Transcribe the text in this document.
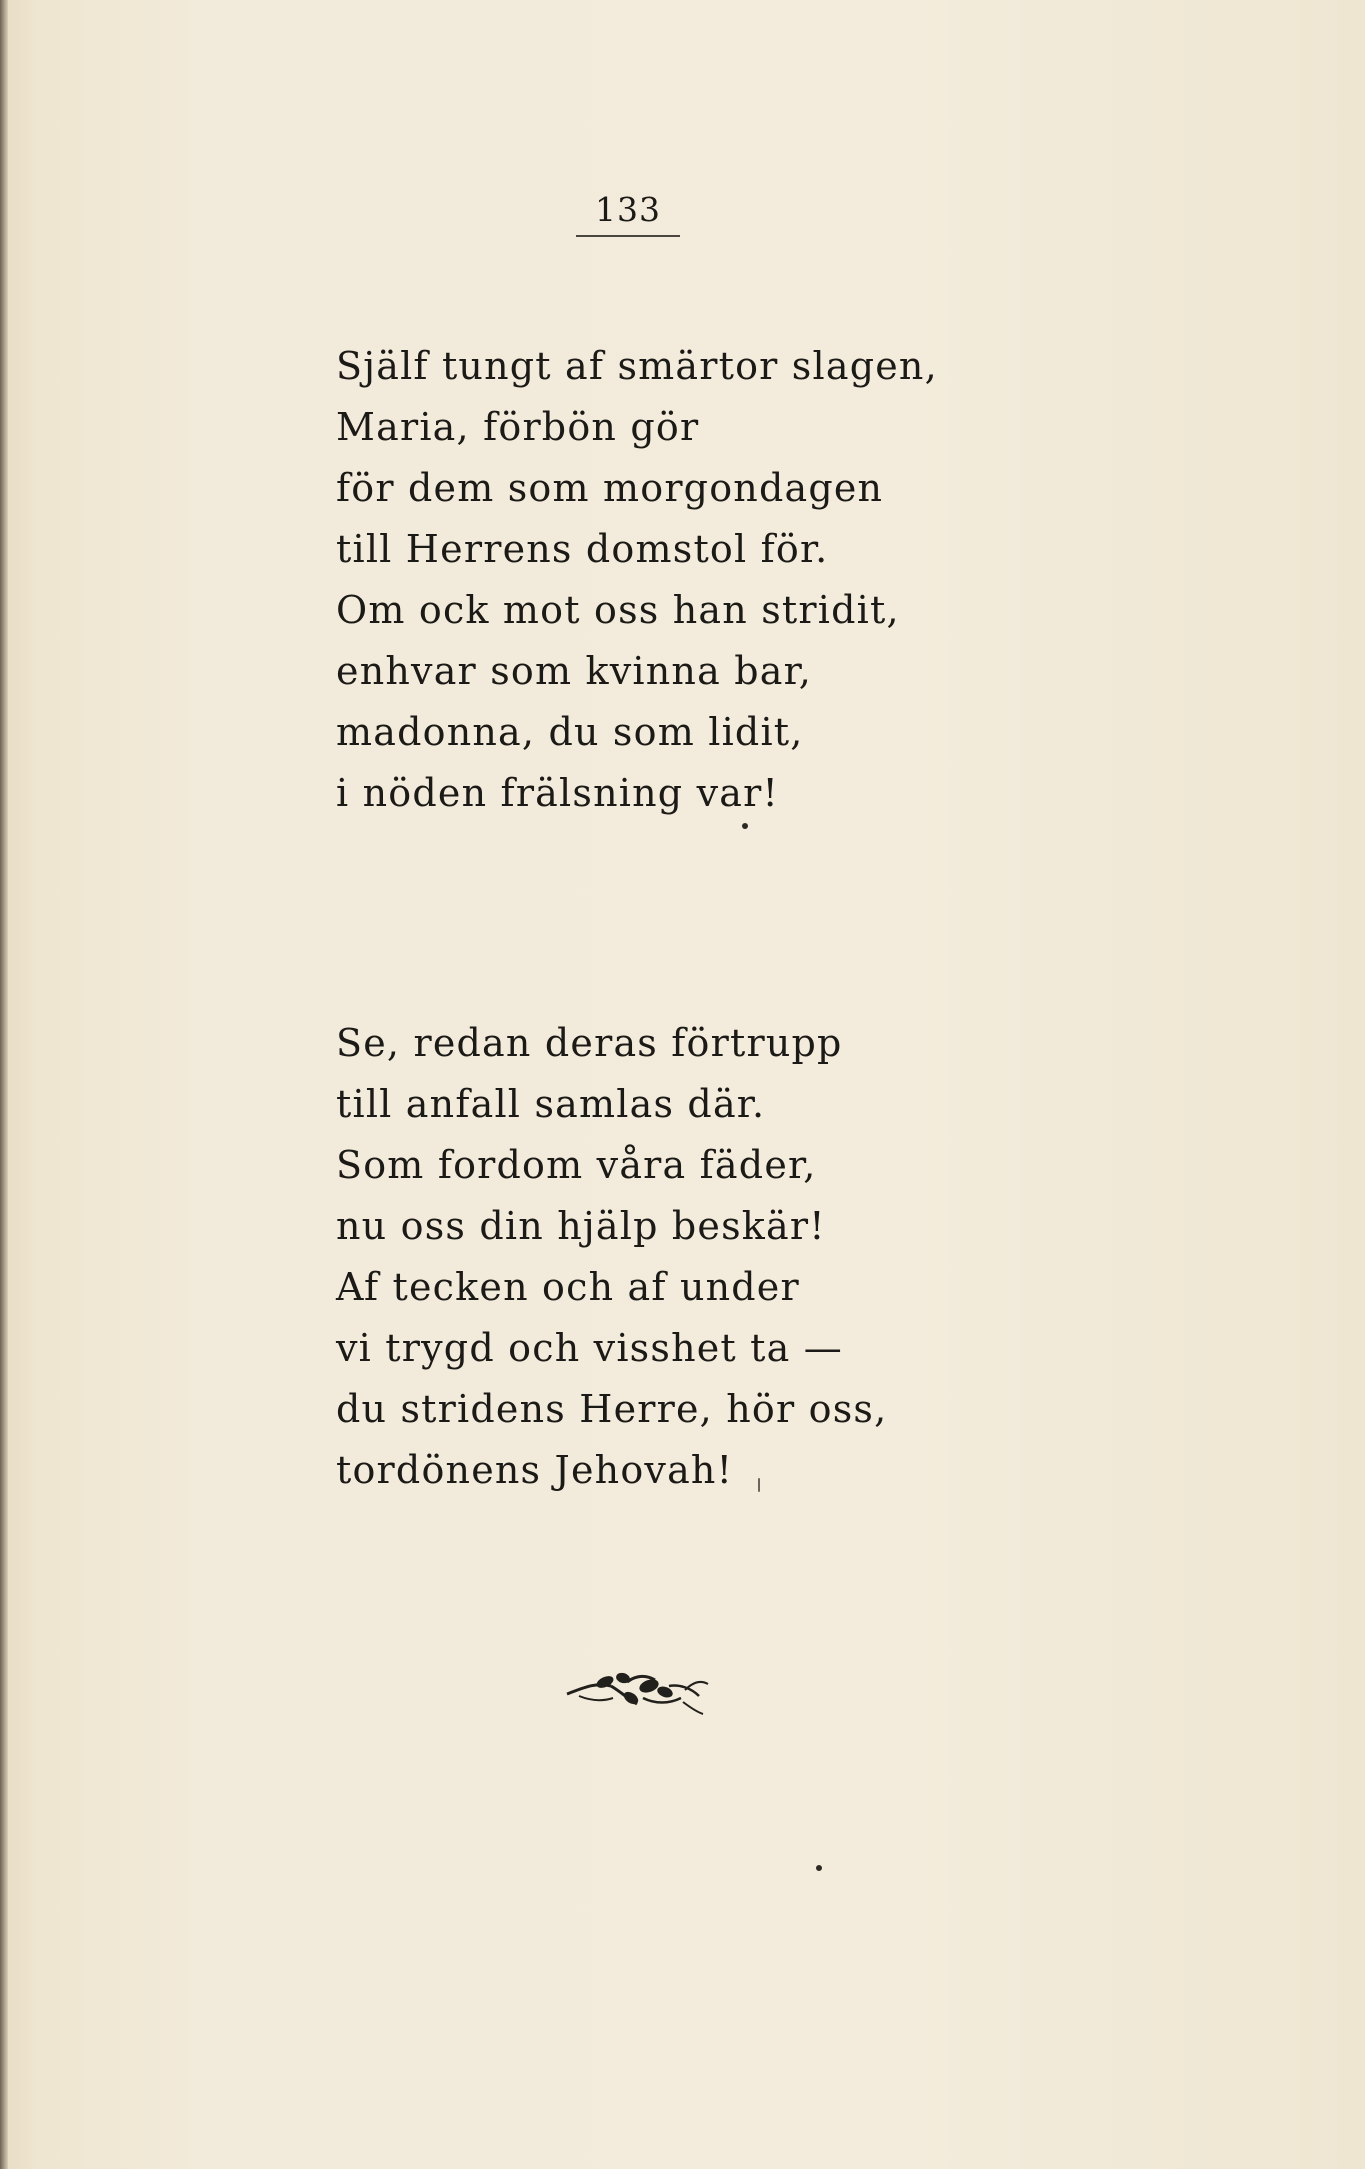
133
Själf tungt af smärtor slagen,
Maria, förbön gör
för dem som morgondagen
till Herrens domstol för.
Om ock mot oss han stridit,
enhvar som kvinna bar,
madonna, du som lidit,
i nöden frälsning var!
Se, redan deras förtrupp
till anfall samlas där.
Som fordom våra fäder,
nu oss din hjälp beskär!
Af tecken och af under
vi trygd och visshet ta —
du stridens Herre, hör oss,
tordönens Jehovah!
